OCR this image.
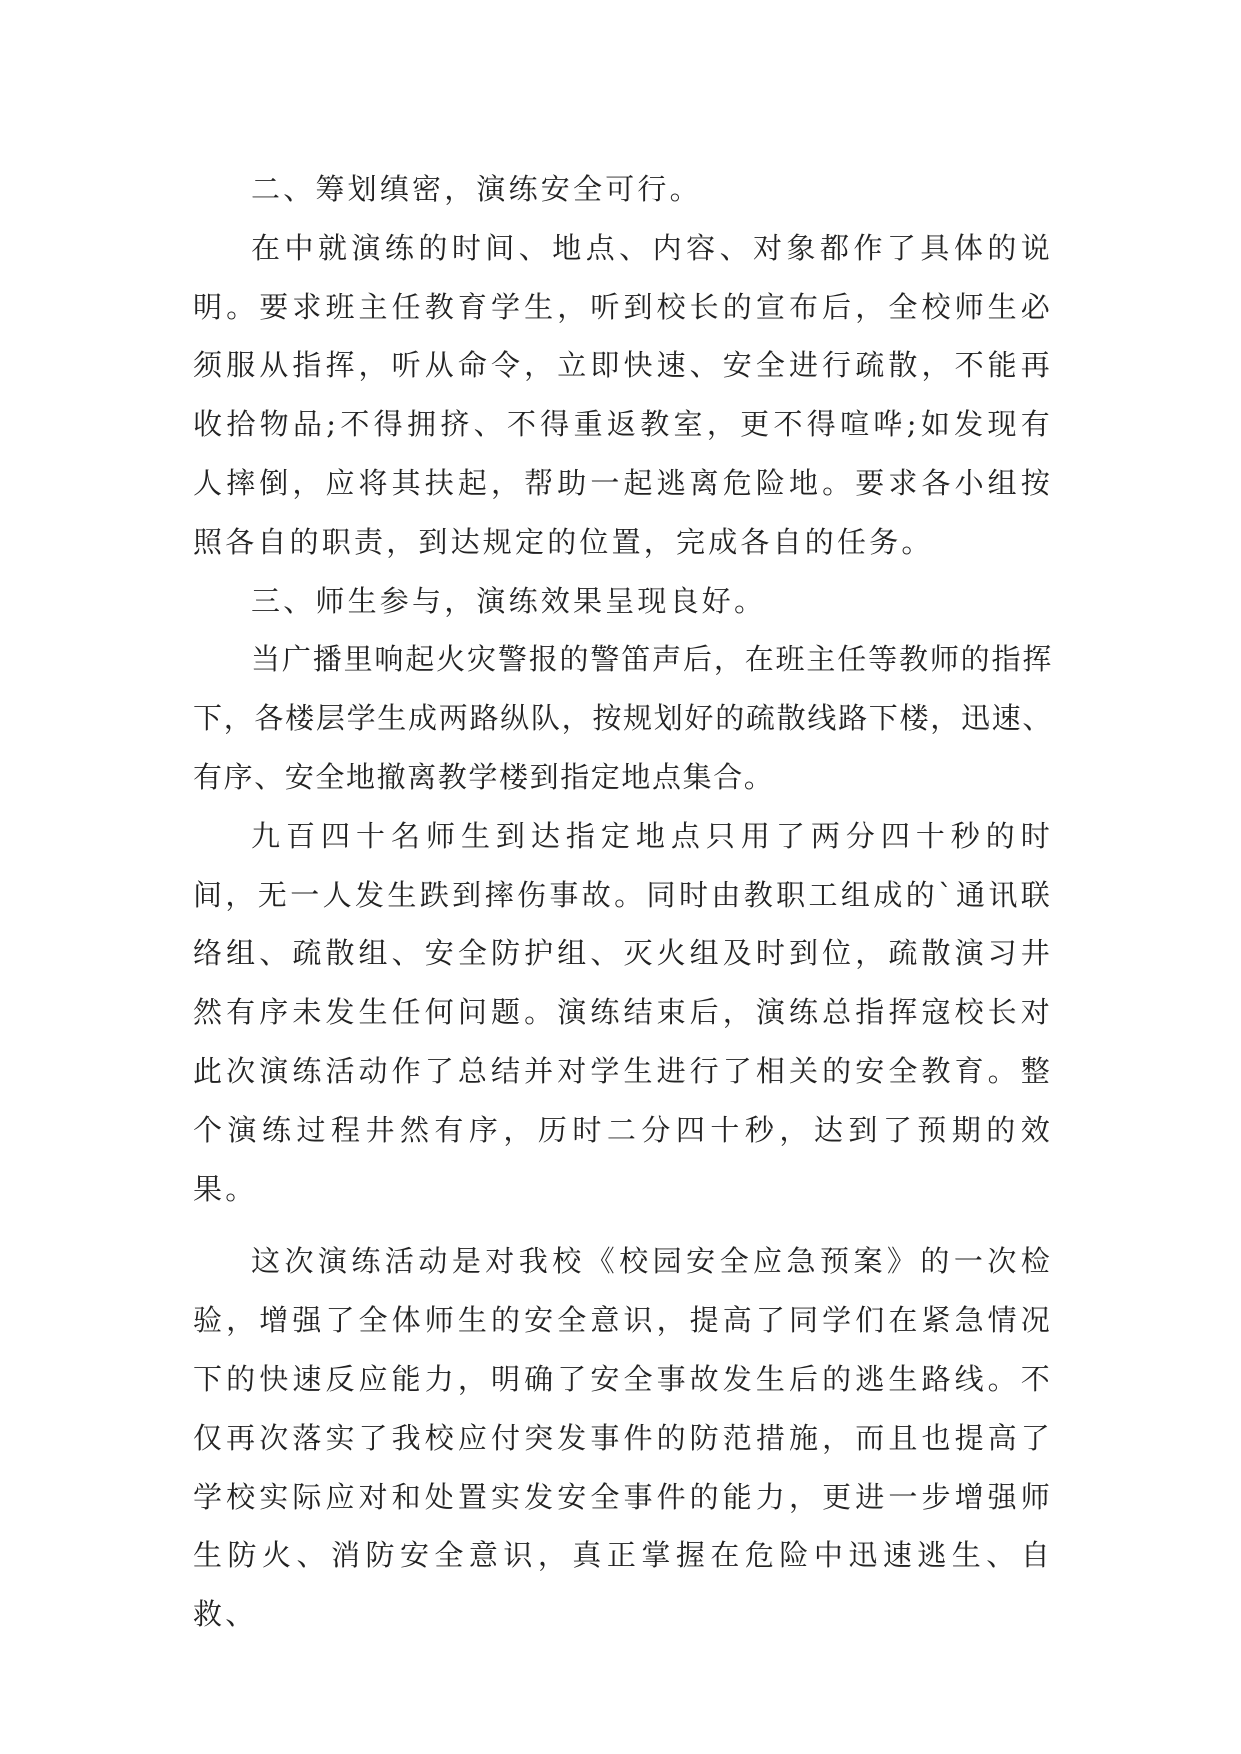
二、筹划缜密，演练安全可行。

在中就演练的时间、地点、内容、对象都作了具体的说明。要求班主任教育学生，听到校长的宣布后，全校师生必须服从指挥，听从命令，立即快速、安全进行疏散，不能再收拾物品;不得拥挤、不得重返教室，更不得喧哗;如发现有人摔倒，应将其扶起，帮助一起逃离危险地。要求各小组按照各自的职责，到达规定的位置，完成各自的任务。

三、师生参与，演练效果呈现良好。

当广播里响起火灾警报的警笛声后，在班主任等教师的指挥下，各楼层学生成两路纵队，按规划好的疏散线路下楼，迅速、有序、安全地撤离教学楼到指定地点集合。

九百四十名师生到达指定地点只用了两分四十秒的时间，无一人发生跌到摔伤事故。同时由教职工组成的`通讯联络组、疏散组、安全防护组、灭火组及时到位，疏散演习井然有序未发生任何问题。演练结束后，演练总指挥寇校长对此次演练活动作了总结并对学生进行了相关的安全教育。整个演练过程井然有序，历时二分四十秒，达到了预期的效果。

这次演练活动是对我校《校园安全应急预案》的一次检验，增强了全体师生的安全意识，提高了同学们在紧急情况下的快速反应能力，明确了安全事故发生后的逃生路线。不仅再次落实了我校应付突发事件的防范措施，而且也提高了学校实际应对和处置实发安全事件的能力，更进一步增强师生防火、消防安全意识，真正掌握在危险中迅速逃生、自救、
